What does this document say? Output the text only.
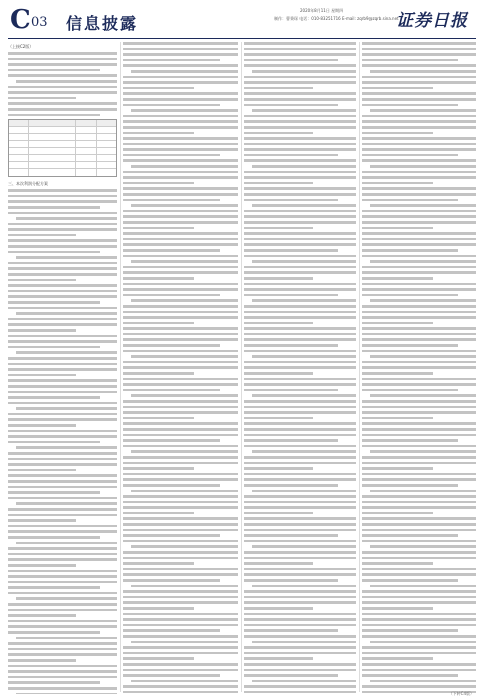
C 03 信息披露
2020年8月11日 星期四
制作：曹秉琛 电话：010-83251716 E-mail: zqrb9@zqrb.sina.net
证券日报
（上接C2版）
三、本次利润分配方案
（下转C4版）
